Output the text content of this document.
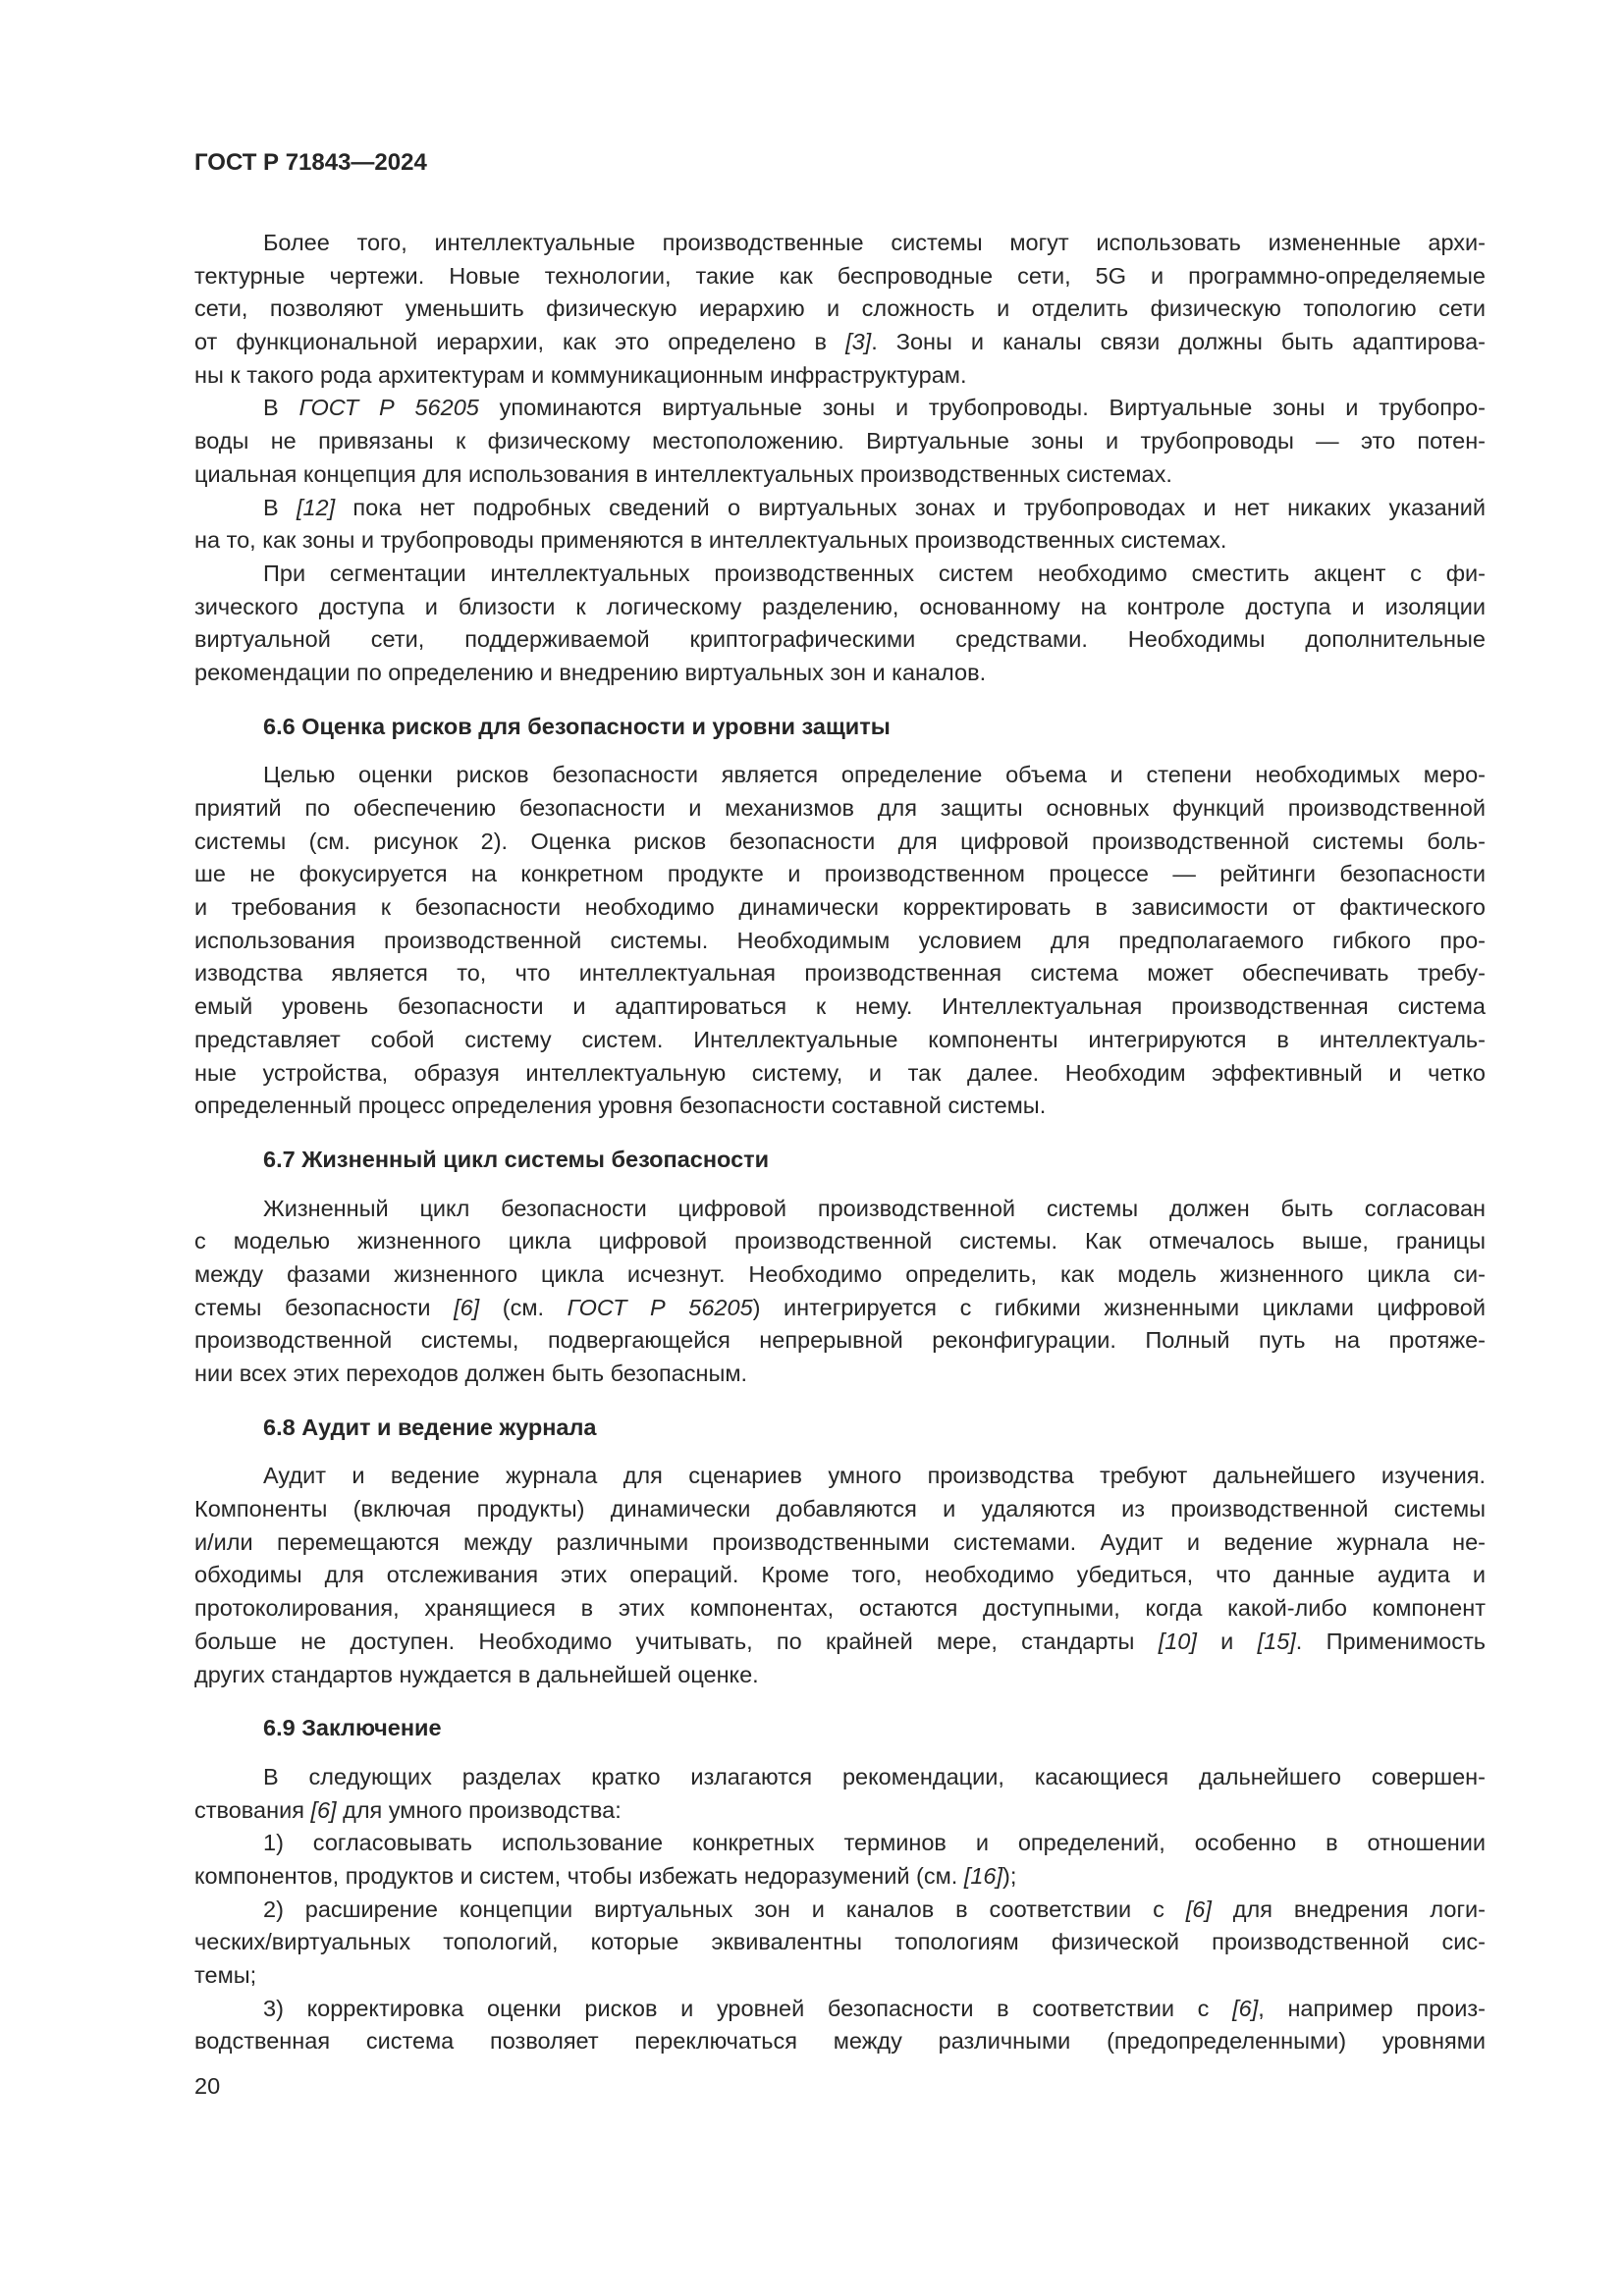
ГОСТ Р 71843—2024
Более того, интеллектуальные производственные системы могут использовать измененные архи-
тектурные чертежи. Новые технологии, такие как беспроводные сети, 5G и программно-определяемые
сети, позволяют уменьшить физическую иерархию и сложность и отделить физическую топологию сети
от функциональной иерархии, как это определено в [3]. Зоны и каналы связи должны быть адаптирова-
ны к такого рода архитектурам и коммуникационным инфраструктурам.
В ГОСТ Р 56205 упоминаются виртуальные зоны и трубопроводы. Виртуальные зоны и трубопро-
воды не привязаны к физическому местоположению. Виртуальные зоны и трубопроводы — это потен-
циальная концепция для использования в интеллектуальных производственных системах.
В [12] пока нет подробных сведений о виртуальных зонах и трубопроводах и нет никаких указаний
на то, как зоны и трубопроводы применяются в интеллектуальных производственных системах.
При сегментации интеллектуальных производственных систем необходимо сместить акцент с фи-
зического доступа и близости к логическому разделению, основанному на контроле доступа и изоляции
виртуальной сети, поддерживаемой криптографическими средствами. Необходимы дополнительные
рекомендации по определению и внедрению виртуальных зон и каналов.
6.6 Оценка рисков для безопасности и уровни защиты
Целью оценки рисков безопасности является определение объема и степени необходимых меро-
приятий по обеспечению безопасности и механизмов для защиты основных функций производственной
системы (см. рисунок 2). Оценка рисков безопасности для цифровой производственной системы боль-
ше не фокусируется на конкретном продукте и производственном процессе — рейтинги безопасности
и требования к безопасности необходимо динамически корректировать в зависимости от фактического
использования производственной системы. Необходимым условием для предполагаемого гибкого про-
изводства является то, что интеллектуальная производственная система может обеспечивать требу-
емый уровень безопасности и адаптироваться к нему. Интеллектуальная производственная система
представляет собой систему систем. Интеллектуальные компоненты интегрируются в интеллектуаль-
ные устройства, образуя интеллектуальную систему, и так далее. Необходим эффективный и четко
определенный процесс определения уровня безопасности составной системы.
6.7 Жизненный цикл системы безопасности
Жизненный цикл безопасности цифровой производственной системы должен быть согласован
с моделью жизненного цикла цифровой производственной системы. Как отмечалось выше, границы
между фазами жизненного цикла исчезнут. Необходимо определить, как модель жизненного цикла си-
стемы безопасности [6] (см. ГОСТ Р 56205) интегрируется с гибкими жизненными циклами цифровой
производственной системы, подвергающейся непрерывной реконфигурации. Полный путь на протяже-
нии всех этих переходов должен быть безопасным.
6.8 Аудит и ведение журнала
Аудит и ведение журнала для сценариев умного производства требуют дальнейшего изучения.
Компоненты (включая продукты) динамически добавляются и удаляются из производственной системы
и/или перемещаются между различными производственными системами. Аудит и ведение журнала не-
обходимы для отслеживания этих операций. Кроме того, необходимо убедиться, что данные аудита и
протоколирования, хранящиеся в этих компонентах, остаются доступными, когда какой-либо компонент
больше не доступен. Необходимо учитывать, по крайней мере, стандарты [10] и [15]. Применимость
других стандартов нуждается в дальнейшей оценке.
6.9 Заключение
В следующих разделах кратко излагаются рекомендации, касающиеся дальнейшего совершен-
ствования [6] для умного производства:
1) согласовывать использование конкретных терминов и определений, особенно в отношении
компонентов, продуктов и систем, чтобы избежать недоразумений (см. [16]);
2) расширение концепции виртуальных зон и каналов в соответствии с [6] для внедрения логи-
ческих/виртуальных топологий, которые эквивалентны топологиям физической производственной сис-
темы;
3) корректировка оценки рисков и уровней безопасности в соответствии с [6], например произ-
водственная система позволяет переключаться между различными (предопределенными) уровнями
20
